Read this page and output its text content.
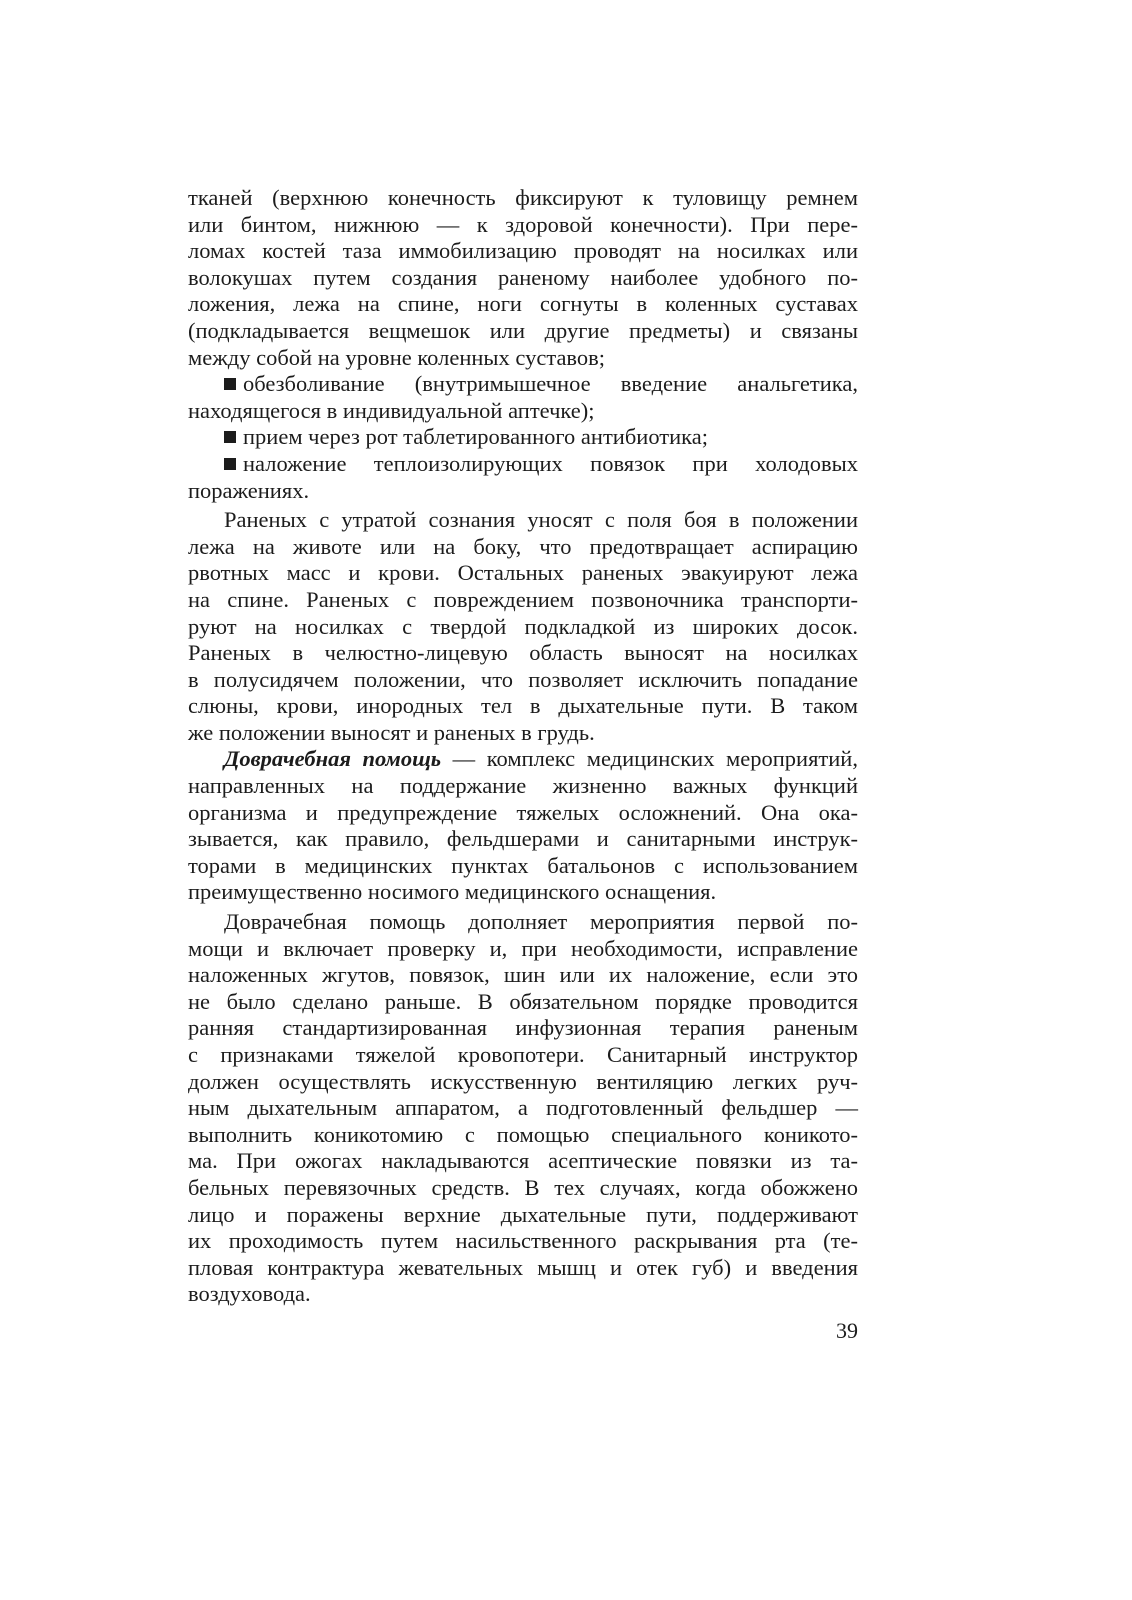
тканей (верхнюю конечность фиксируют к туловищу ремнем
или бинтом, нижнюю — к здоровой конечности). При пере-
ломах костей таза иммобилизацию проводят на носилках или
волокушах путем создания раненому наиболее удобного по-
ложения, лежа на спине, ноги согнуты в коленных суставах
(подкладывается вещмешок или другие предметы) и связаны
между собой на уровне коленных суставов;
обезболивание (внутримышечное введение анальгетика,
находящегося в индивидуальной аптечке);
прием через рот таблетированного антибиотика;
наложение теплоизолирующих повязок при холодовых
поражениях.
Раненых с утратой сознания уносят с поля боя в положении
лежа на животе или на боку, что предотвращает аспирацию
рвотных масс и крови. Остальных раненых эвакуируют лежа
на спине. Раненых с повреждением позвоночника транспорти-
руют на носилках с твердой подкладкой из широких досок.
Раненых в челюстно-лицевую область выносят на носилках
в полусидячем положении, что позволяет исключить попадание
слюны, крови, инородных тел в дыхательные пути. В таком
же положении выносят и раненых в грудь.
Доврачебная помощь — комплекс медицинских мероприятий,
направленных на поддержание жизненно важных функций
организма и предупреждение тяжелых осложнений. Она ока-
зывается, как правило, фельдшерами и санитарными инструк-
торами в медицинских пунктах батальонов с использованием
преимущественно носимого медицинского оснащения.
Доврачебная помощь дополняет мероприятия первой по-
мощи и включает проверку и, при необходимости, исправление
наложенных жгутов, повязок, шин или их наложение, если это
не было сделано раньше. В обязательном порядке проводится
ранняя стандартизированная инфузионная терапия раненым
с признаками тяжелой кровопотери. Санитарный инструктор
должен осуществлять искусственную вентиляцию легких руч-
ным дыхательным аппаратом, а подготовленный фельдшер —
выполнить коникотомию с помощью специального коникото-
ма. При ожогах накладываются асептические повязки из та-
бельных перевязочных средств. В тех случаях, когда обожжено
лицо и поражены верхние дыхательные пути, поддерживают
их проходимость путем насильственного раскрывания рта (те-
пловая контрактура жевательных мышц и отек губ) и введения
воздуховода.
39
